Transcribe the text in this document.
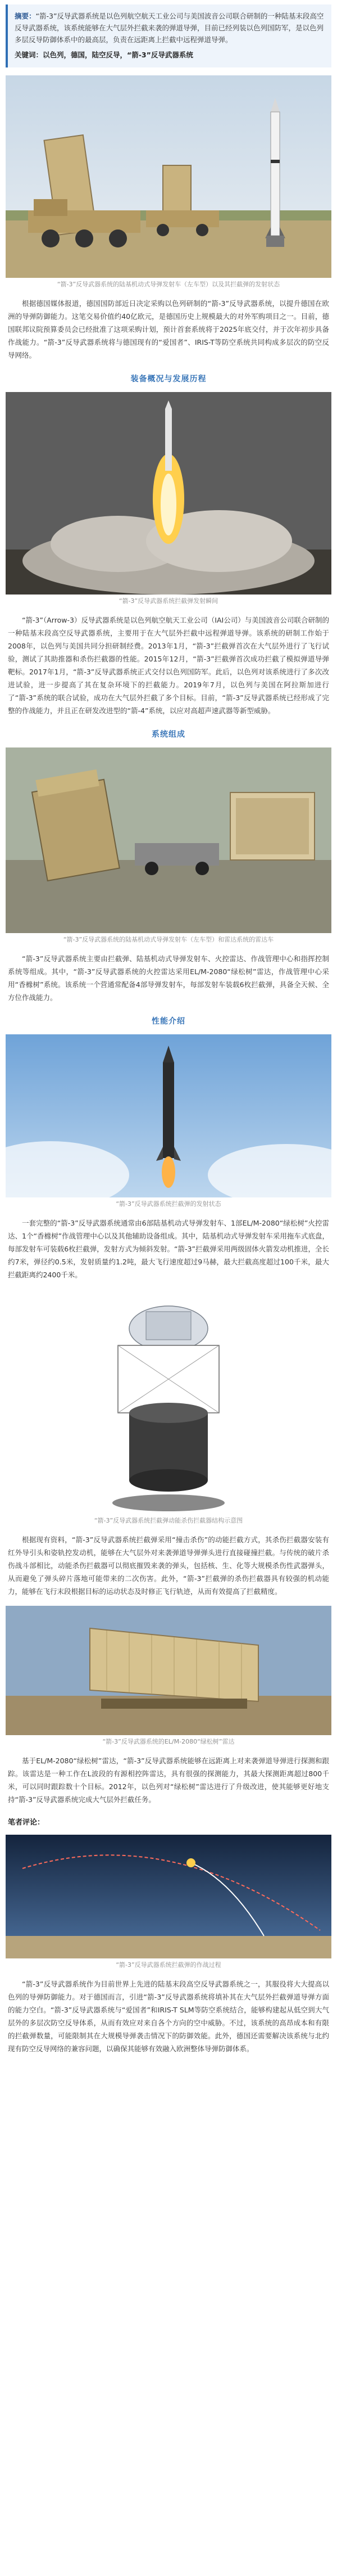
摘要：“箭-3”反导武器系统是以色列航空航天工业公司与美国波音公司联合研制的一种陆基末段高空反导武器系统，该系统能够在大气层外拦截来袭的弹道导弹，目前已经列装以色列国防军，是以色列多层反导防御体系中的最高层，负责在远距离上拦截中远程弹道导弹。
关键词：以色列，德国，陆空反导，“箭-3”反导武器系统
“箭-3”反导武器系统的陆基机动式导弹发射车（左车型）以及其拦截弹的发射状态
根据德国媒体报道，德国国防部近日决定采购以色列研制的“箭-3”反导武器系统，以提升德国在欧洲的导弹防御能力。这笔交易价值约40亿欧元，是德国历史上规模最大的对外军购项目之一。目前，德国联邦议院预算委员会已经批准了这项采购计划，预计首套系统将于2025年底交付，并于次年初步具备作战能力。“箭-3”反导武器系统将与德国现有的“爱国者”、IRIS-T等防空系统共同构成多层次的防空反导网络。
装备概况与发展历程
“箭-3”反导武器系统拦截弹发射瞬间
“箭-3”（Arrow-3）反导武器系统是以色列航空航天工业公司（IAI公司）与美国波音公司联合研制的一种陆基末段高空反导武器系统，主要用于在大气层外拦截中远程弹道导弹。该系统的研制工作始于2008年，以色列与美国共同分担研制经费。2013年1月，“箭-3”拦截弹首次在大气层外进行了飞行试验，测试了其助推器和杀伤拦截器的性能。2015年12月，“箭-3”拦截弹首次成功拦截了模拟弹道导弹靶标。2017年1月，“箭-3”反导武器系统正式交付以色列国防军。此后，以色列对该系统进行了多次改进试验，进一步提高了其在复杂环境下的拦截能力。2019年7月，以色列与美国在阿拉斯加进行了“箭-3”系统的联合试验，成功在大气层外拦截了多个目标。目前，“箭-3”反导武器系统已经形成了完整的作战能力，并且正在研发改进型的“箭-4”系统，以应对高超声速武器等新型威胁。
系统组成
“箭-3”反导武器系统的陆基机动式导弹发射车（左车型）和雷达系统的雷达车
“箭-3”反导武器系统主要由拦截弹、陆基机动式导弹发射车、火控雷达、作战管理中心和指挥控制系统等组成。其中，“箭-3”反导武器系统的火控雷达采用EL/M-2080“绿松树”雷达，作战管理中心采用“香橼树”系统。该系统一个营通常配备4部导弹发射车，每部发射车装载6枚拦截弹，具备全天候、全方位作战能力。
性能介绍
“箭-3”反导武器系统拦截弹的发射状态
一套完整的“箭-3”反导武器系统通常由6部陆基机动式导弹发射车、1部EL/M-2080“绿松树”火控雷达、1个“香橼树”作战管理中心以及其他辅助设备组成。其中，陆基机动式导弹发射车采用拖车式底盘，每部发射车可装载6枚拦截弹，发射方式为倾斜发射。“箭-3”拦截弹采用两级固体火箭发动机推进，全长约7米，弹径约0.5米，发射质量约1.2吨，最大飞行速度超过9马赫，最大拦截高度超过100千米，最大拦截距离约2400千米。
“箭-3”反导武器系统拦截弹动能杀伤拦截器结构示意图
根据现有资料，“箭-3”反导武器系统拦截弹采用“撞击杀伤”的动能拦截方式，其杀伤拦截器安装有红外导引头和姿轨控发动机，能够在大气层外对来袭弹道导弹弹头进行直接碰撞拦截。与传统的破片杀伤战斗部相比，动能杀伤拦截器可以彻底摧毁来袭的弹头，包括核、生、化等大规模杀伤性武器弹头，从而避免了弹头碎片落地可能带来的二次伤害。此外，“箭-3”拦截弹的杀伤拦截器具有较强的机动能力，能够在飞行末段根据目标的运动状态及时修正飞行轨迹，从而有效提高了拦截精度。
“箭-3”反导武器系统的EL/M-2080“绿松树”雷达
基于EL/M-2080“绿松树”雷达，“箭-3”反导武器系统能够在远距离上对来袭弹道导弹进行探测和跟踪。该雷达是一种工作在L波段的有源相控阵雷达，具有很强的探测能力，其最大探测距离超过800千米，可以同时跟踪数十个目标。2012年，以色列对“绿松树”雷达进行了升级改进，使其能够更好地支持“箭-3”反导武器系统完成大气层外拦截任务。
笔者评论：
“箭-3”反导武器系统拦截弹的作战过程
“箭-3”反导武器系统作为目前世界上先进的陆基末段高空反导武器系统之一，其服役将大大提高以色列的导弹防御能力。对于德国而言，引进“箭-3”反导武器系统将填补其在大气层外拦截弹道导弹方面的能力空白。“箭-3”反导武器系统与“爱国者”和IRIS-T SLM等防空系统结合，能够构建起从低空到大气层外的多层次防空反导体系，从而有效应对来自各个方向的空中威胁。不过，该系统的高昂成本和有限的拦截弹数量，可能限制其在大规模导弹袭击情况下的防御效能。此外，德国还需要解决该系统与北约现有防空反导网络的兼容问题，以确保其能够有效融入欧洲整体导弹防御体系。
